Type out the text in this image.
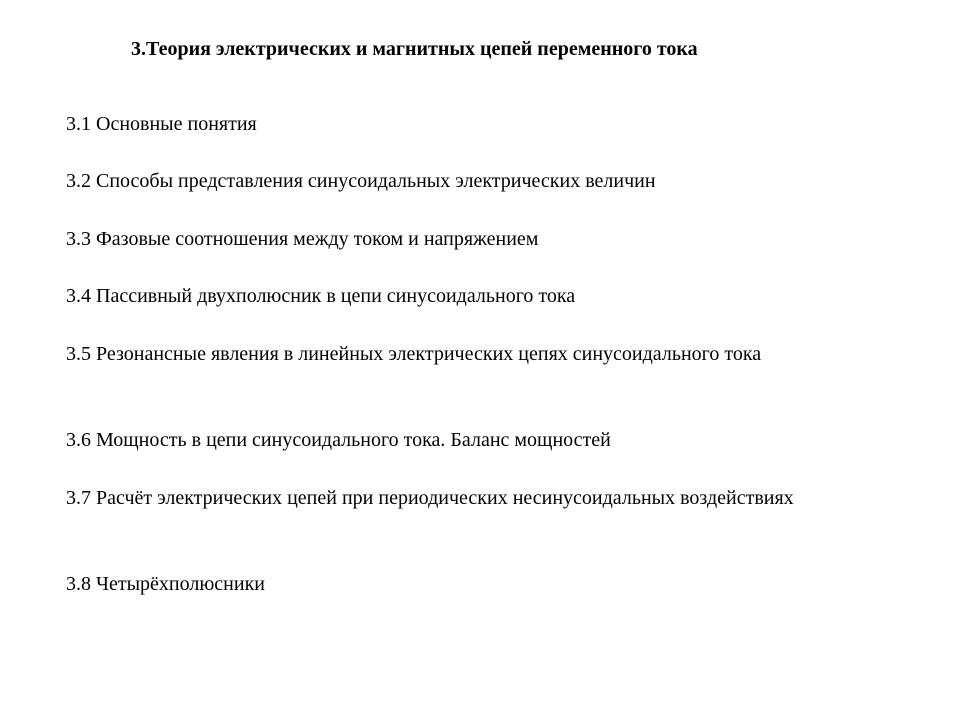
3.Теория электрических и магнитных цепей переменного тока
3.1 Основные понятия
3.2 Способы представления синусоидальных электрических величин
3.3 Фазовые соотношения между током и напряжением
3.4 Пассивный двухполюсник в цепи синусоидального тока
3.5 Резонансные явления в линейных электрических цепях синусоидального тока
3.6 Мощность в цепи синусоидального тока. Баланс мощностей
3.7 Расчёт электрических цепей при периодических несинусоидальных воздействиях
3.8 Четырёхполюсники
